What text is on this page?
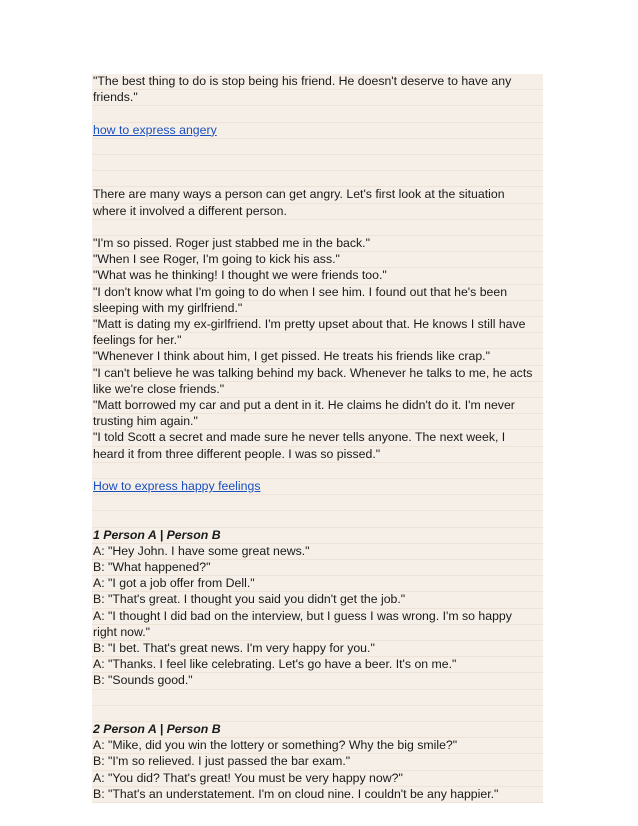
"The best thing to do is stop being his friend. He doesn't deserve to have any
friends."
how to express angery
There are many ways a person can get angry. Let's first look at the situation
where it involved a different person.
"I'm so pissed. Roger just stabbed me in the back."
"When I see Roger, I'm going to kick his ass."
"What was he thinking! I thought we were friends too."
"I don't know what I'm going to do when I see him. I found out that he's been
sleeping with my girlfriend."
"Matt is dating my ex-girlfriend. I'm pretty upset about that. He knows I still have
feelings for her."
"Whenever I think about him, I get pissed. He treats his friends like crap."
"I can't believe he was talking behind my back. Whenever he talks to me, he acts
like we're close friends."
"Matt borrowed my car and put a dent in it. He claims he didn't do it. I'm never
trusting him again."
"I told Scott a secret and made sure he never tells anyone. The next week, I
heard it from three different people. I was so pissed."
How to express happy feelings
1 Person A | Person B
A: "Hey John. I have some great news."
B: "What happened?"
A: "I got a job offer from Dell."
B: "That's great. I thought you said you didn't get the job."
A: "I thought I did bad on the interview, but I guess I was wrong. I'm so happy
right now."
B: "I bet. That's great news. I'm very happy for you."
A: "Thanks. I feel like celebrating. Let's go have a beer. It's on me."
B: "Sounds good."
2 Person A | Person B
A: "Mike, did you win the lottery or something? Why the big smile?"
B: "I'm so relieved. I just passed the bar exam."
A: "You did? That's great! You must be very happy now?"
B: "That's an understatement. I'm on cloud nine. I couldn't be any happier."
